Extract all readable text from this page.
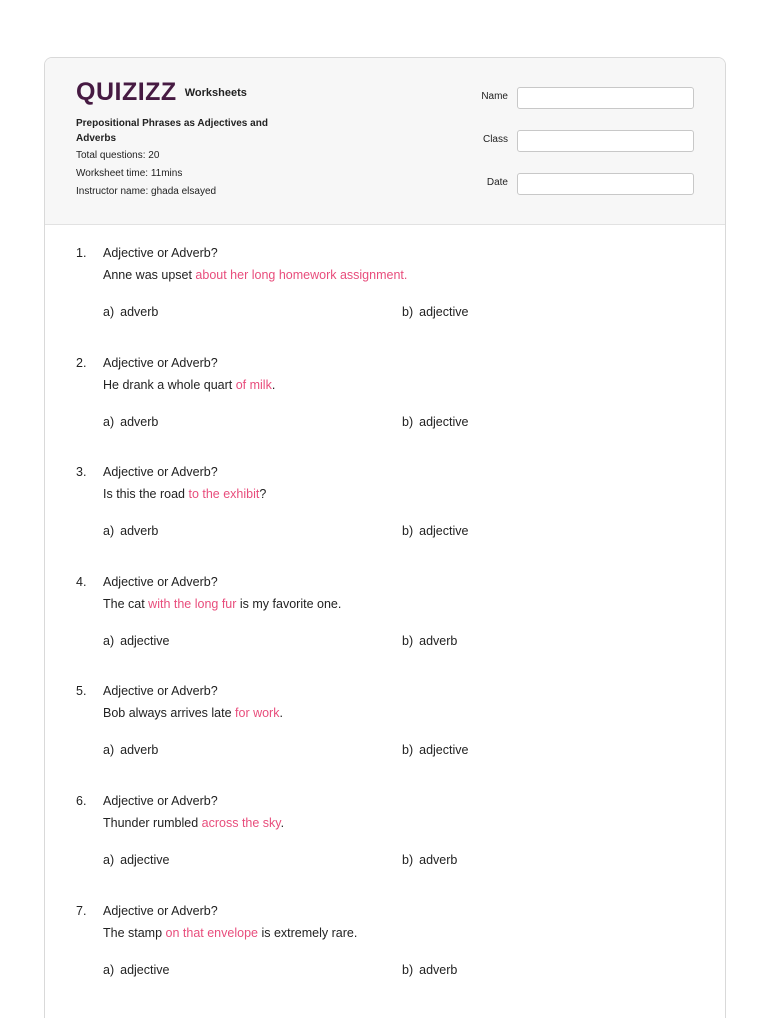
QUIZIZZ Worksheets
Prepositional Phrases as Adjectives and Adverbs
Total questions: 20
Worksheet time: 11mins
Instructor name: ghada elsayed
Name
Class
Date
1. Adjective or Adverb?
Anne was upset about her long homework assignment.
a) adverb	b) adjective
2. Adjective or Adverb?
He drank a whole quart of milk.
a) adverb	b) adjective
3. Adjective or Adverb?
Is this the road to the exhibit?
a) adverb	b) adjective
4. Adjective or Adverb?
The cat with the long fur is my favorite one.
a) adjective	b) adverb
5. Adjective or Adverb?
Bob always arrives late for work.
a) adverb	b) adjective
6. Adjective or Adverb?
Thunder rumbled across the sky.
a) adjective	b) adverb
7. Adjective or Adverb?
The stamp on that envelope is extremely rare.
a) adjective	b) adverb
